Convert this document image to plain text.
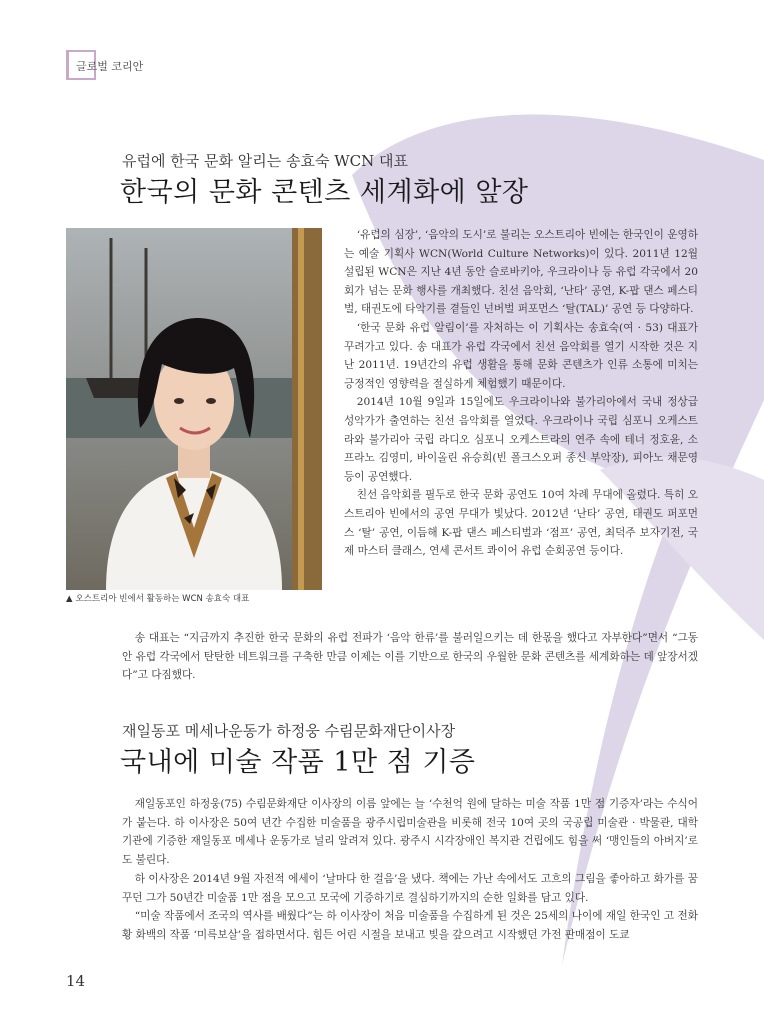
글로벌 코리안
유럽에 한국 문화 알리는 송효숙 WCN 대표
한국의 문화 콘텐츠 세계화에 앞장
▲ 오스트리아 빈에서 활동하는 WCN 송효숙 대표

‘유럽의 심장’, ‘음악의 도시’로 불리는 오스트리아 빈에는 한국인이 운영하는 예술 기획사 WCN(World Culture Networks)이 있다. 2011년 12월 설립된 WCN은 지난 4년 동안 슬로바키아, 우크라이나 등 유럽 각국에서 20회가 넘는 문화 행사를 개최했다. 친선 음악회, ‘난타’ 공연, K-팝 댄스 페스티벌, 태권도에 타악기를 곁들인 넌버벌 퍼포먼스 ‘탈(TAL)’ 공연 등 다양하다.

‘한국 문화 유럽 알림이’를 자처하는 이 기획사는 송효숙(여 · 53) 대표가 꾸려가고 있다. 송 대표가 유럽 각국에서 친선 음악회를 열기 시작한 것은 지난 2011년. 19년간의 유럽 생활을 통해 문화 콘텐츠가 인류 소통에 미치는 긍정적인 영향력을 절실하게 체험했기 때문이다.

2014년 10월 9일과 15일에도 우크라이나와 불가리아에서 국내 정상급 성악가가 출연하는 친선 음악회를 열었다. 우크라이나 국립 심포니 오케스트라와 불가리아 국립 라디오 심포니 오케스트라의 연주 속에 테너 정호윤, 소프라노 김영미, 바이올린 유승희(빈 폴크스오퍼 종신 부악장), 피아노 채문영 등이 공연했다.

친선 음악회를 필두로 한국 문화 공연도 10여 차례 무대에 올렸다. 특히 오스트리아 빈에서의 공연 무대가 빛났다. 2012년 ‘난타’ 공연, 태권도 퍼포먼스 ‘탈’ 공연, 이듬해 K-팝 댄스 페스티벌과 ‘점프’ 공연, 최덕주 보자기전, 국제 마스터 클래스, 연세 콘서트 콰이어 유럽 순회공연 등이다.

송 대표는 “지금까지 추진한 한국 문화의 유럽 전파가 ‘음악 한류’를 불러일으키는 데 한몫을 했다고 자부한다”면서 “그동안 유럽 각국에서 탄탄한 네트워크를 구축한 만큼 이제는 이를 기반으로 한국의 우월한 문화 콘텐츠를 세계화하는 데 앞장서겠다”고 다짐했다.

재일동포 메세나운동가 하정웅 수림문화재단이사장
국내에 미술 작품 1만 점 기증

재일동포인 하정웅(75) 수림문화재단 이사장의 이름 앞에는 늘 ‘수천억 원에 달하는 미술 작품 1만 점 기증자’라는 수식어가 붙는다. 하 이사장은 50여 년간 수집한 미술품을 광주시립미술관을 비롯해 전국 10여 곳의 국공립 미술관 · 박물관, 대학 기관에 기증한 재일동포 메세나 운동가로 널리 알려져 있다. 광주시 시각장애인 복지관 건립에도 힘을 써 ‘맹인들의 아버지’로도 불린다.

하 이사장은 2014년 9월 자전적 에세이 ‘날마다 한 걸음’을 냈다. 책에는 가난 속에서도 고흐의 그림을 좋아하고 화가를 꿈꾸던 그가 50년간 미술품 1만 점을 모으고 모국에 기증하기로 결심하기까지의 순한 일화를 담고 있다.

“미술 작품에서 조국의 역사를 배웠다”는 하 이사장이 처음 미술품을 수집하게 된 것은 25세의 나이에 재일 한국인 고 전화황 화백의 작품 ‘미륵보살’을 접하면서다. 힘든 어린 시절을 보내고 빚을 갚으려고 시작했던 가전 판매점이 도쿄

14
